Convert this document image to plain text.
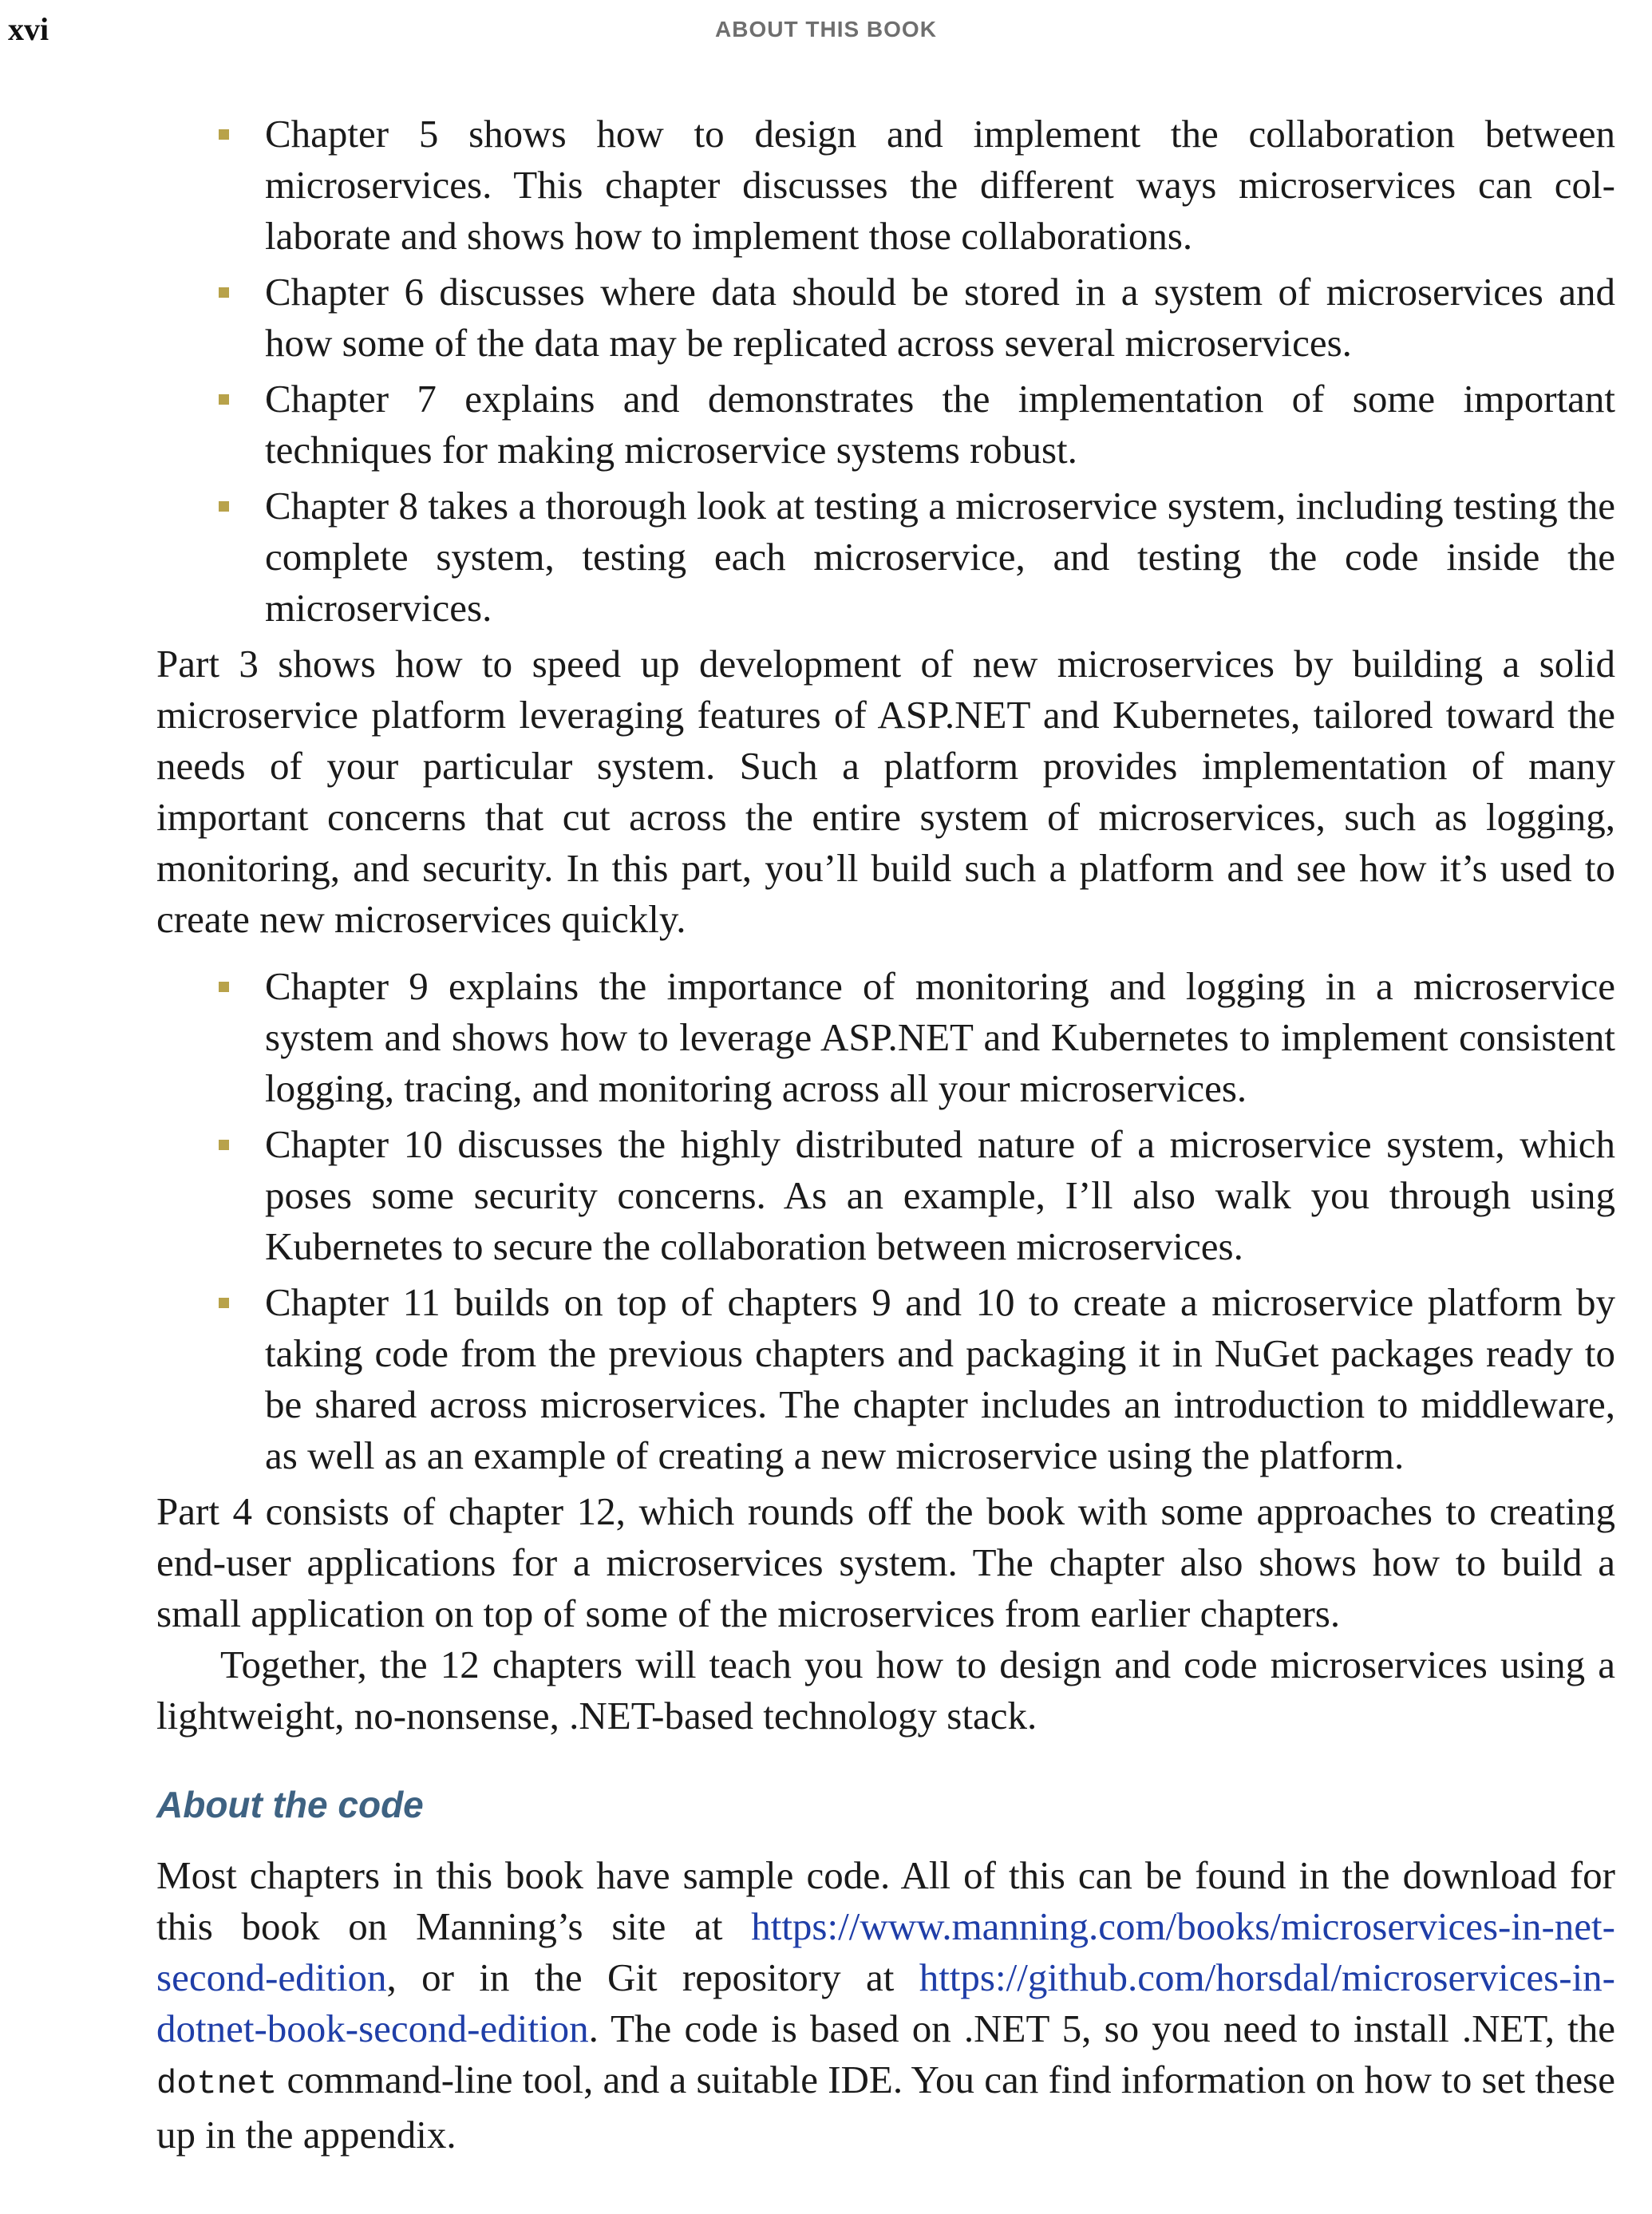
xvi	ABOUT THIS BOOK
Chapter 5 shows how to design and implement the collaboration between microservices. This chapter discusses the different ways microservices can collaborate and shows how to implement those collaborations.
Chapter 6 discusses where data should be stored in a system of microservices and how some of the data may be replicated across several microservices.
Chapter 7 explains and demonstrates the implementation of some important techniques for making microservice systems robust.
Chapter 8 takes a thorough look at testing a microservice system, including testing the complete system, testing each microservice, and testing the code inside the microservices.

Part 3 shows how to speed up development of new microservices by building a solid microservice platform leveraging features of ASP.NET and Kubernetes, tailored toward the needs of your particular system. Such a platform provides implementation of many important concerns that cut across the entire system of microservices, such as logging, monitoring, and security. In this part, you’ll build such a platform and see how it’s used to create new microservices quickly.

Chapter 9 explains the importance of monitoring and logging in a microservice system and shows how to leverage ASP.NET and Kubernetes to implement consistent logging, tracing, and monitoring across all your microservices.
Chapter 10 discusses the highly distributed nature of a microservice system, which poses some security concerns. As an example, I’ll also walk you through using Kubernetes to secure the collaboration between microservices.
Chapter 11 builds on top of chapters 9 and 10 to create a microservice platform by taking code from the previous chapters and packaging it in NuGet packages ready to be shared across microservices. The chapter includes an introduction to middleware, as well as an example of creating a new microservice using the platform.

Part 4 consists of chapter 12, which rounds off the book with some approaches to creating end-user applications for a microservices system. The chapter also shows how to build a small application on top of some of the microservices from earlier chapters.

Together, the 12 chapters will teach you how to design and code microservices using a lightweight, no-nonsense, .NET-based technology stack.

About the code

Most chapters in this book have sample code. All of this can be found in the download for this book on Manning’s site at https://www.manning.com/books/microservices-in-net-second-edition, or in the Git repository at https://github.com/horsdal/microservices-in-dotnet-book-second-edition. The code is based on .NET 5, so you need to install .NET, the dotnet command-line tool, and a suitable IDE. You can find information on how to set these up in the appendix.
